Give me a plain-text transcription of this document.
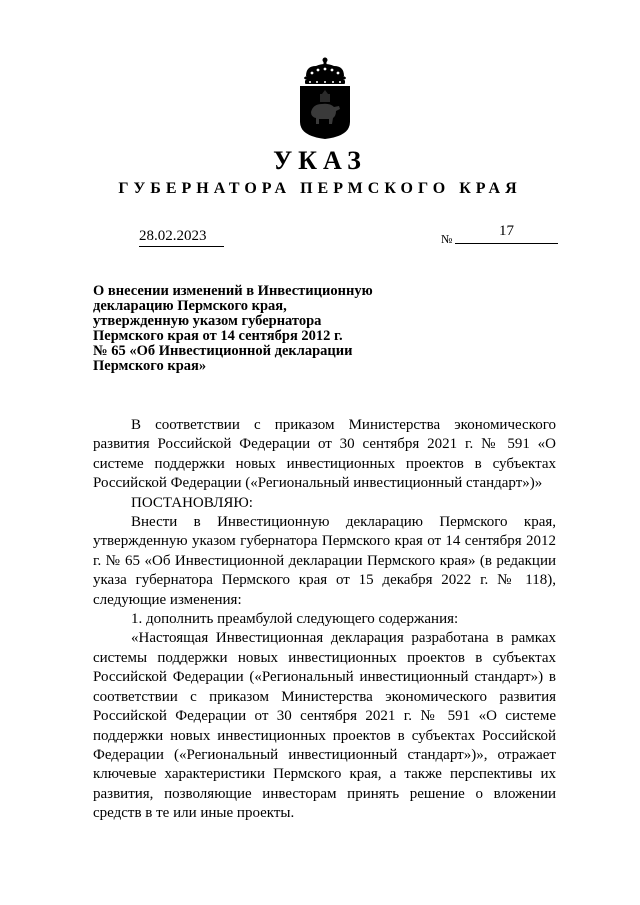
УКАЗ
ГУБЕРНАТОРА ПЕРМСКОГО КРАЯ
28.02.2023	№	17
О внесении изменений в Инвестиционную
декларацию Пермского края,
утвержденную указом губернатора
Пермского края от 14 сентября 2012 г.
№ 65 «Об Инвестиционной декларации
Пермского края»

В соответствии с приказом Министерства экономического развития Российской Федерации от 30 сентября 2021 г. № 591 «О системе поддержки новых инвестиционных проектов в субъектах Российской Федерации («Региональный инвестиционный стандарт»)»

ПОСТАНОВЛЯЮ:

Внести в Инвестиционную декларацию Пермского края, утвержденную указом губернатора Пермского края от 14 сентября 2012 г. № 65 «Об Инвестиционной декларации Пермского края» (в редакции указа губернатора Пермского края от 15 декабря 2022 г. № 118), следующие изменения:

1. дополнить преамбулой следующего содержания:

«Настоящая Инвестиционная декларация разработана в рамках системы поддержки новых инвестиционных проектов в субъектах Российской Федерации («Региональный инвестиционный стандарт») в соответствии с приказом Министерства экономического развития Российской Федерации от 30 сентября 2021 г. № 591 «О системе поддержки новых инвестиционных проектов в субъектах Российской Федерации («Региональный инвестиционный стандарт»)», отражает ключевые характеристики Пермского края, а также перспективы их развития, позволяющие инвесторам принять решение о вложении средств в те или иные проекты.
